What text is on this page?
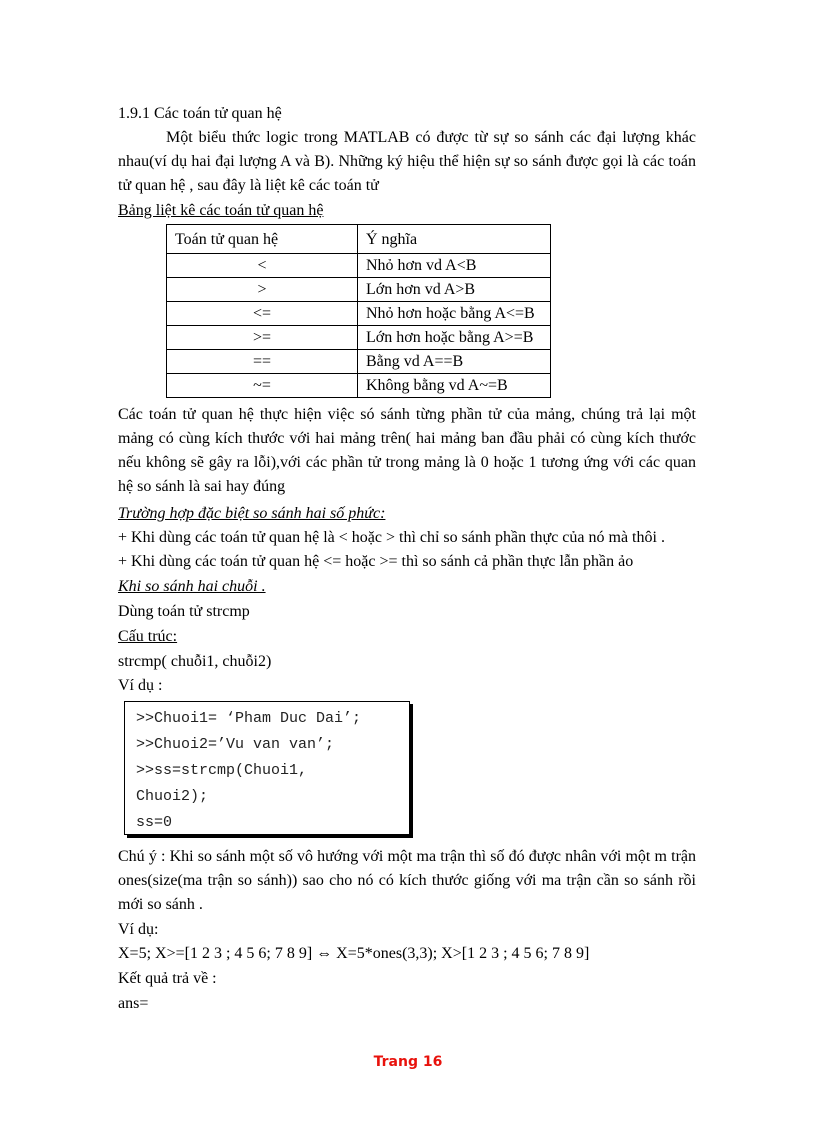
1.9.1 Các toán tử quan hệ
Một biểu thức logic trong MATLAB có được từ sự so sánh các đại lượng khác nhau(ví dụ hai đại lượng A và B). Những ký hiệu thể hiện sự so sánh được gọi là các toán tử quan hệ , sau đây là liệt kê các toán tử
Bảng liệt kê các toán tử quan hệ
Toán tử quan hệ	Ý nghĩa
<	Nhỏ hơn vd A<B
>	Lớn hơn vd A>B
<=	Nhỏ hơn hoặc bằng A<=B
>=	Lớn hơn hoặc bằng A>=B
==	Bằng vd A==B
~=	Không bằng vd A~=B
Các toán tử quan hệ thực hiện việc só sánh từng phần tử của mảng, chúng trả lại một mảng có cùng kích thước với hai mảng trên( hai mảng ban đầu phải có cùng kích thước nếu không sẽ gây ra lỗi),với các phần tử trong mảng là 0 hoặc 1 tương ứng với các quan hệ so sánh là sai hay đúng
Trường hợp đặc biệt so sánh hai số phức:
+ Khi dùng các toán tử quan hệ là < hoặc > thì chỉ so sánh phần thực của nó mà thôi .
+ Khi dùng các toán tử quan hệ <= hoặc >= thì so sánh cả phần thực lẫn phần ảo
Khi so sánh hai chuỗi .
Dùng toán tử strcmp
Cấu trúc:
strcmp( chuỗi1, chuỗi2)
Ví dụ :
>>Chuoi1= ‘Pham Duc Dai’;
>>Chuoi2=’Vu van van’;
>>ss=strcmp(Chuoi1,
Chuoi2);
ss=0
Chú ý : Khi so sánh một số vô hướng với một ma trận thì số đó được nhân với một m trận ones(size(ma trận so sánh)) sao cho nó có kích thước giống với ma trận cần so sánh rồi mới so sánh .
Ví dụ:
X=5; X>=[1 2 3 ; 4 5 6; 7 8 9] ⇔ X=5*ones(3,3); X>[1 2 3 ; 4 5 6; 7 8 9]
Kết quả trả về :
ans=
Trang 16
